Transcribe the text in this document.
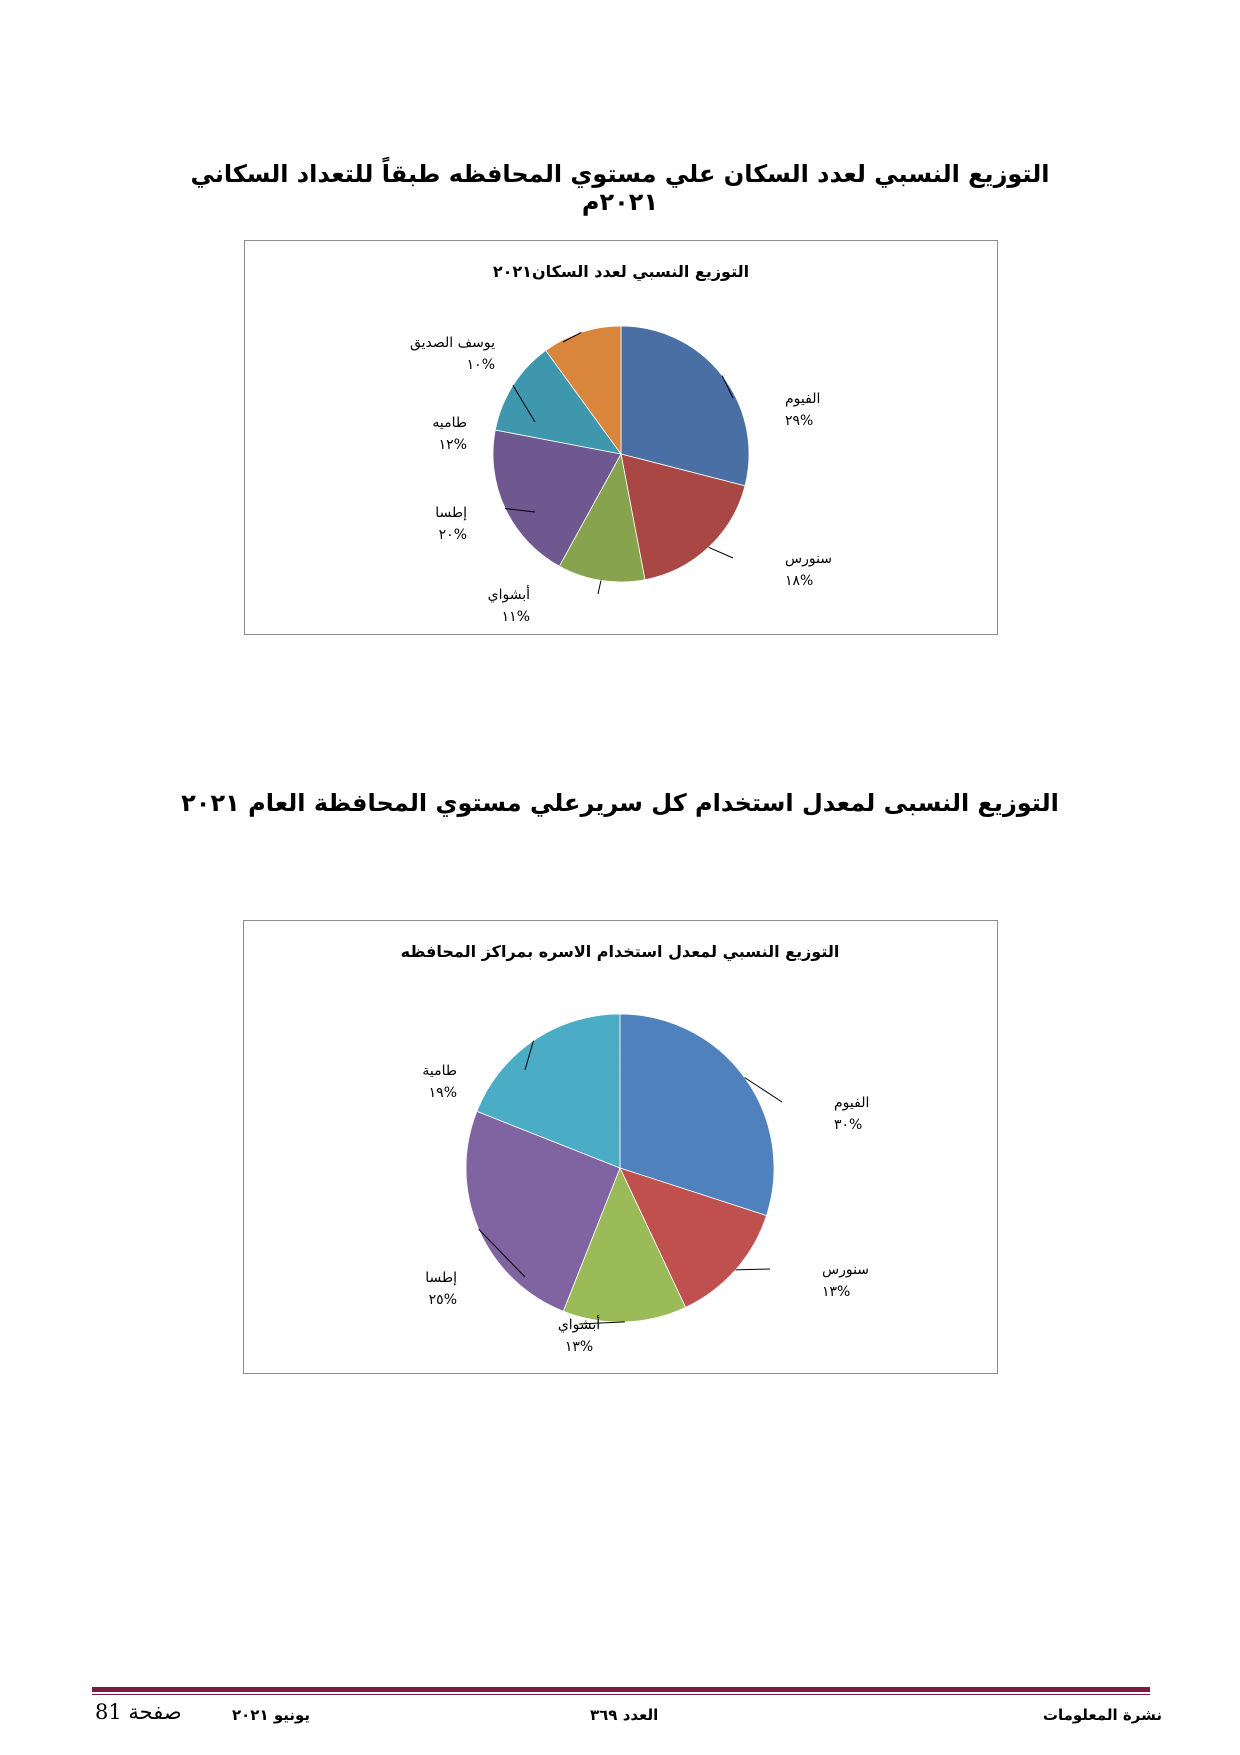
التوزيع النسبي لعدد السكان علي مستوي المحافظه طبقاً للتعداد السكاني ٢٠٢١م
التوزيع النسبي لعدد السكان٢٠٢١
الفيوم
%٢٩
سنورس
%١٨
أبشواي
%١١
إطسا
%٢٠
طاميه
%١٢
يوسف الصديق
%١٠
التوزيع النسبى لمعدل استخدام كل سريرعلي مستوي المحافظة العام ٢٠٢١
التوزيع النسبي لمعدل استخدام الاسره بمراكز المحافظه
الفيوم
%٣٠
سنورس
%١٣
أبشواي
%١٣
إطسا
%٢٥
طامية
%١٩
نشرة المعلومات
العدد ٣٦٩
يونيو ٢٠٢١
صفحة 81
